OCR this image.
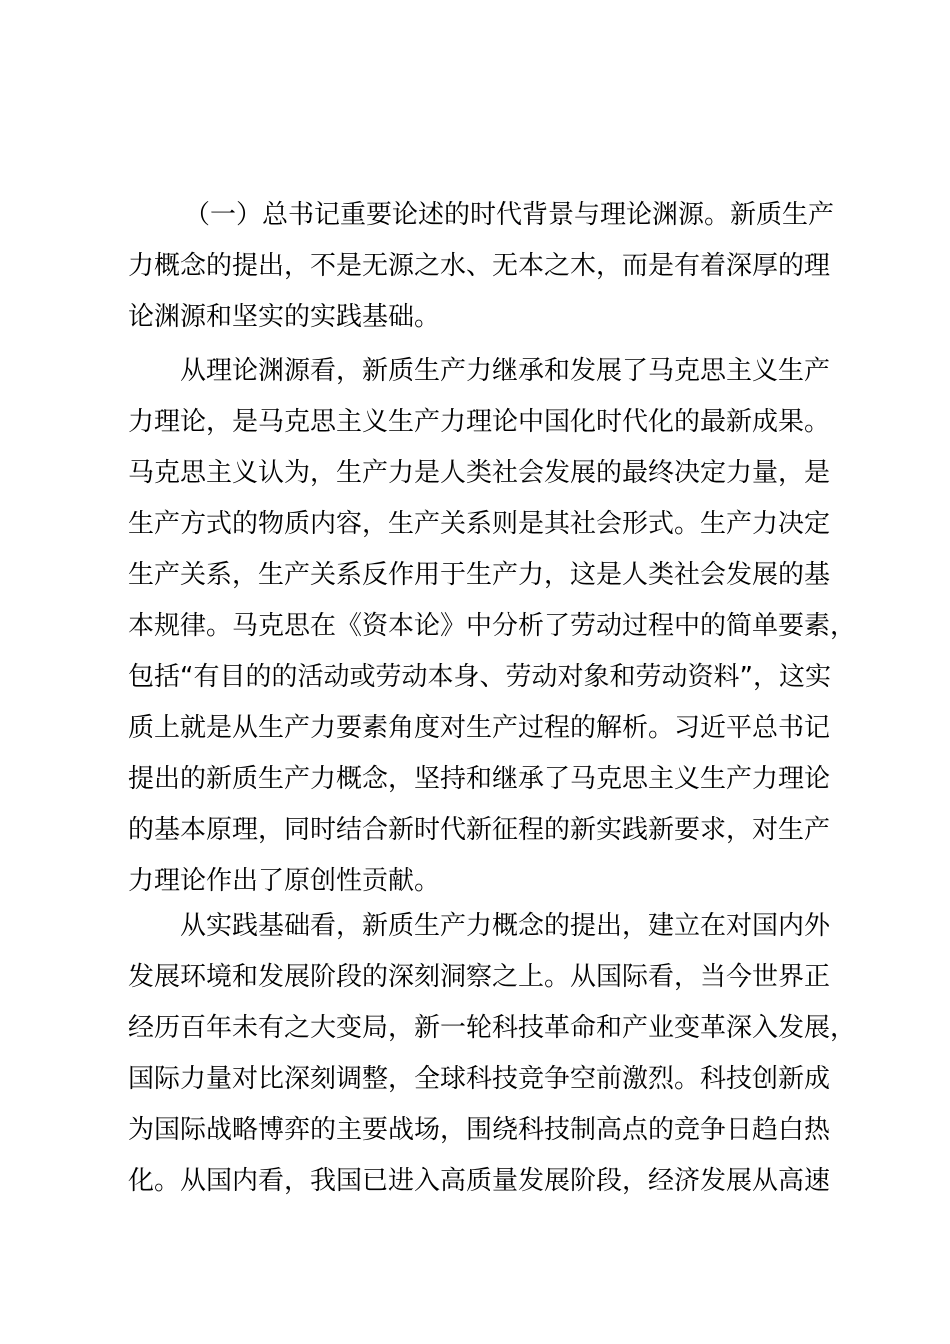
（一）总书记重要论述的时代背景与理论渊源。新质生产
力概念的提出，不是无源之水、无本之木，而是有着深厚的理
论渊源和坚实的实践基础。
从理论渊源看，新质生产力继承和发展了马克思主义生产
力理论，是马克思主义生产力理论中国化时代化的最新成果。
马克思主义认为，生产力是人类社会发展的最终决定力量，是
生产方式的物质内容，生产关系则是其社会形式。生产力决定
生产关系，生产关系反作用于生产力，这是人类社会发展的基
本规律。马克思在《资本论》中分析了劳动过程中的简单要素，
包括“有目的的活动或劳动本身、劳动对象和劳动资料”，这实
质上就是从生产力要素角度对生产过程的解析。习近平总书记
提出的新质生产力概念，坚持和继承了马克思主义生产力理论
的基本原理，同时结合新时代新征程的新实践新要求，对生产
力理论作出了原创性贡献。
从实践基础看，新质生产力概念的提出，建立在对国内外
发展环境和发展阶段的深刻洞察之上。从国际看，当今世界正
经历百年未有之大变局，新一轮科技革命和产业变革深入发展，
国际力量对比深刻调整，全球科技竞争空前激烈。科技创新成
为国际战略博弈的主要战场，围绕科技制高点的竞争日趋白热
化。从国内看，我国已进入高质量发展阶段，经济发展从高速
